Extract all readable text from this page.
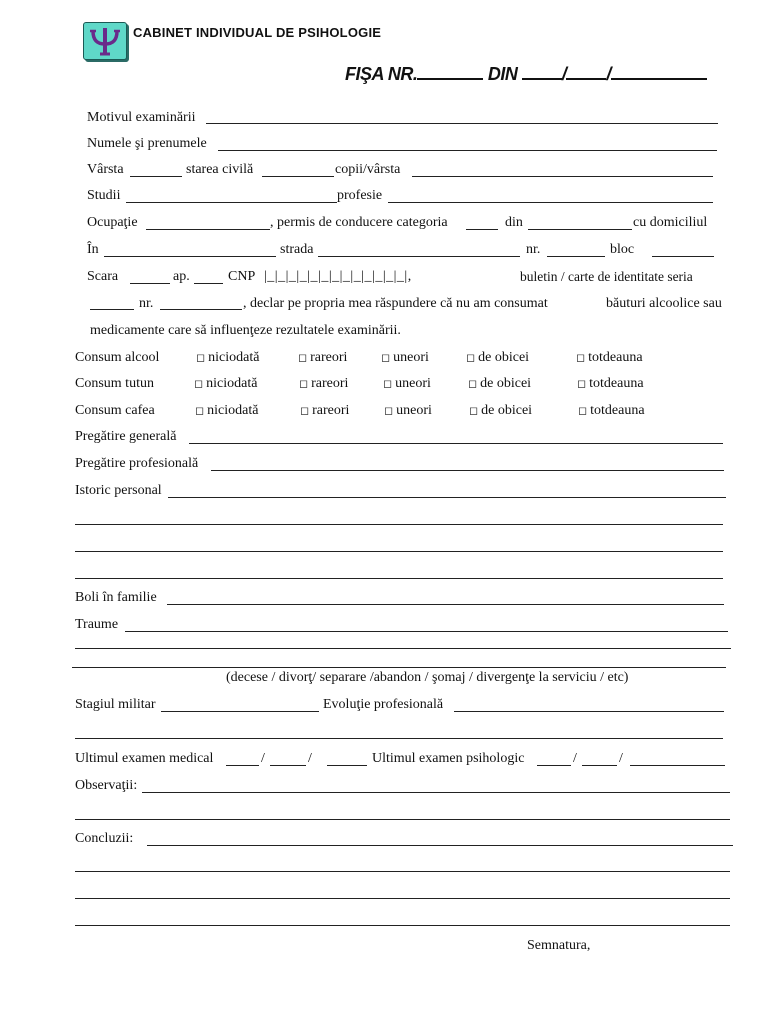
CABINET INDIVIDUAL DE PSIHOLOGIE
FIŞA NR.	DIN / /
Motivul examinării
Numele şi prenumele
Vârsta	starea civilă	copii/vârsta
Studii	profesie
Ocupaţie	, permis de conducere categoria	din	cu domiciliul
În	strada	nr.	bloc
Scara	ap.	CNP |_|_|_|_|_|_|_|_|_|_|_|_|_|,	buletin / carte de identitate seria
nr.	, declar pe propria mea răspundere că nu am consumat	băuturi alcoolice sau
medicamente care să influenţeze rezultatele examinării.
Consum alcool	◻ niciodată	◻ rareori	◻ uneori	◻ de obicei	◻ totdeauna
Consum tutun	◻ niciodată	◻ rareori	◻ uneori	◻ de obicei	◻ totdeauna
Consum cafea	◻ niciodată	◻ rareori	◻ uneori	◻ de obicei	◻ totdeauna
Pregătire generală
Pregătire profesională
Istoric personal
Boli în familie
Traume
(decese / divorţ/ separare /abandon / şomaj / divergenţe la serviciu / etc)
Stagiul militar	Evoluţie profesională
Ultimul examen medical	/	/	Ultimul examen psihologic	/	/
Observaţii:
Concluzii:
Semnatura,
